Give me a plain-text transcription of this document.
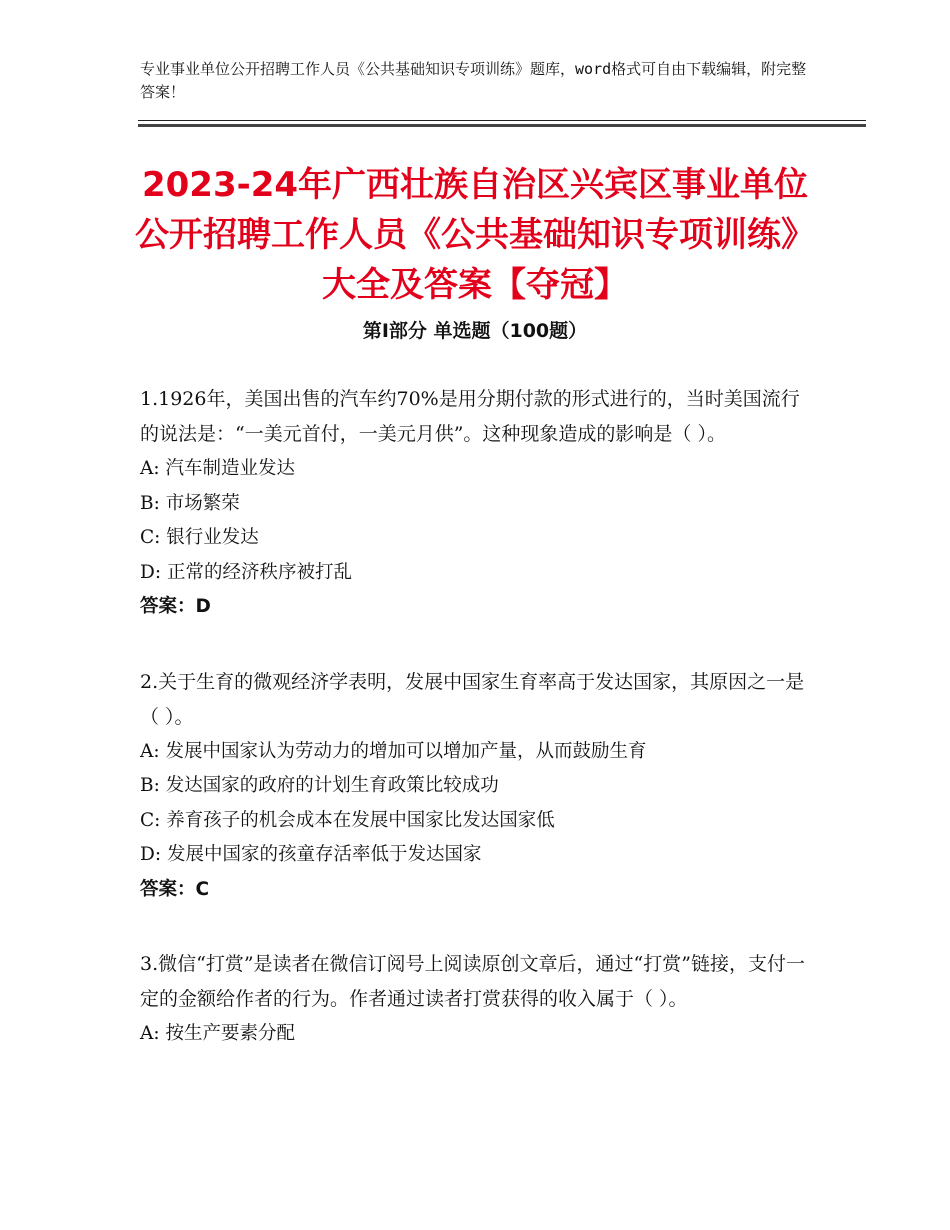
专业事业单位公开招聘工作人员《公共基础知识专项训练》题库，word格式可自由下载编辑，附完整答案！
2023-24年广西壮族自治区兴宾区事业单位公开招聘工作人员《公共基础知识专项训练》大全及答案【夺冠】
第Ⅰ部分 单选题（100题）

1.1926年，美国出售的汽车约70%是用分期付款的形式进行的，当时美国流行的说法是：“一美元首付，一美元月供”。这种现象造成的影响是（ ）。

A: 汽车制造业发达

B: 市场繁荣

C: 银行业发达

D: 正常的经济秩序被打乱

答案：D

2.关于生育的微观经济学表明，发展中国家生育率高于发达国家，其原因之一是（ ）。

A: 发展中国家认为劳动力的增加可以增加产量，从而鼓励生育

B: 发达国家的政府的计划生育政策比较成功

C: 养育孩子的机会成本在发展中国家比发达国家低

D: 发展中国家的孩童存活率低于发达国家

答案：C

3.微信“打赏”是读者在微信订阅号上阅读原创文章后，通过“打赏”链接，支付一定的金额给作者的行为。作者通过读者打赏获得的收入属于（ ）。

A: 按生产要素分配
